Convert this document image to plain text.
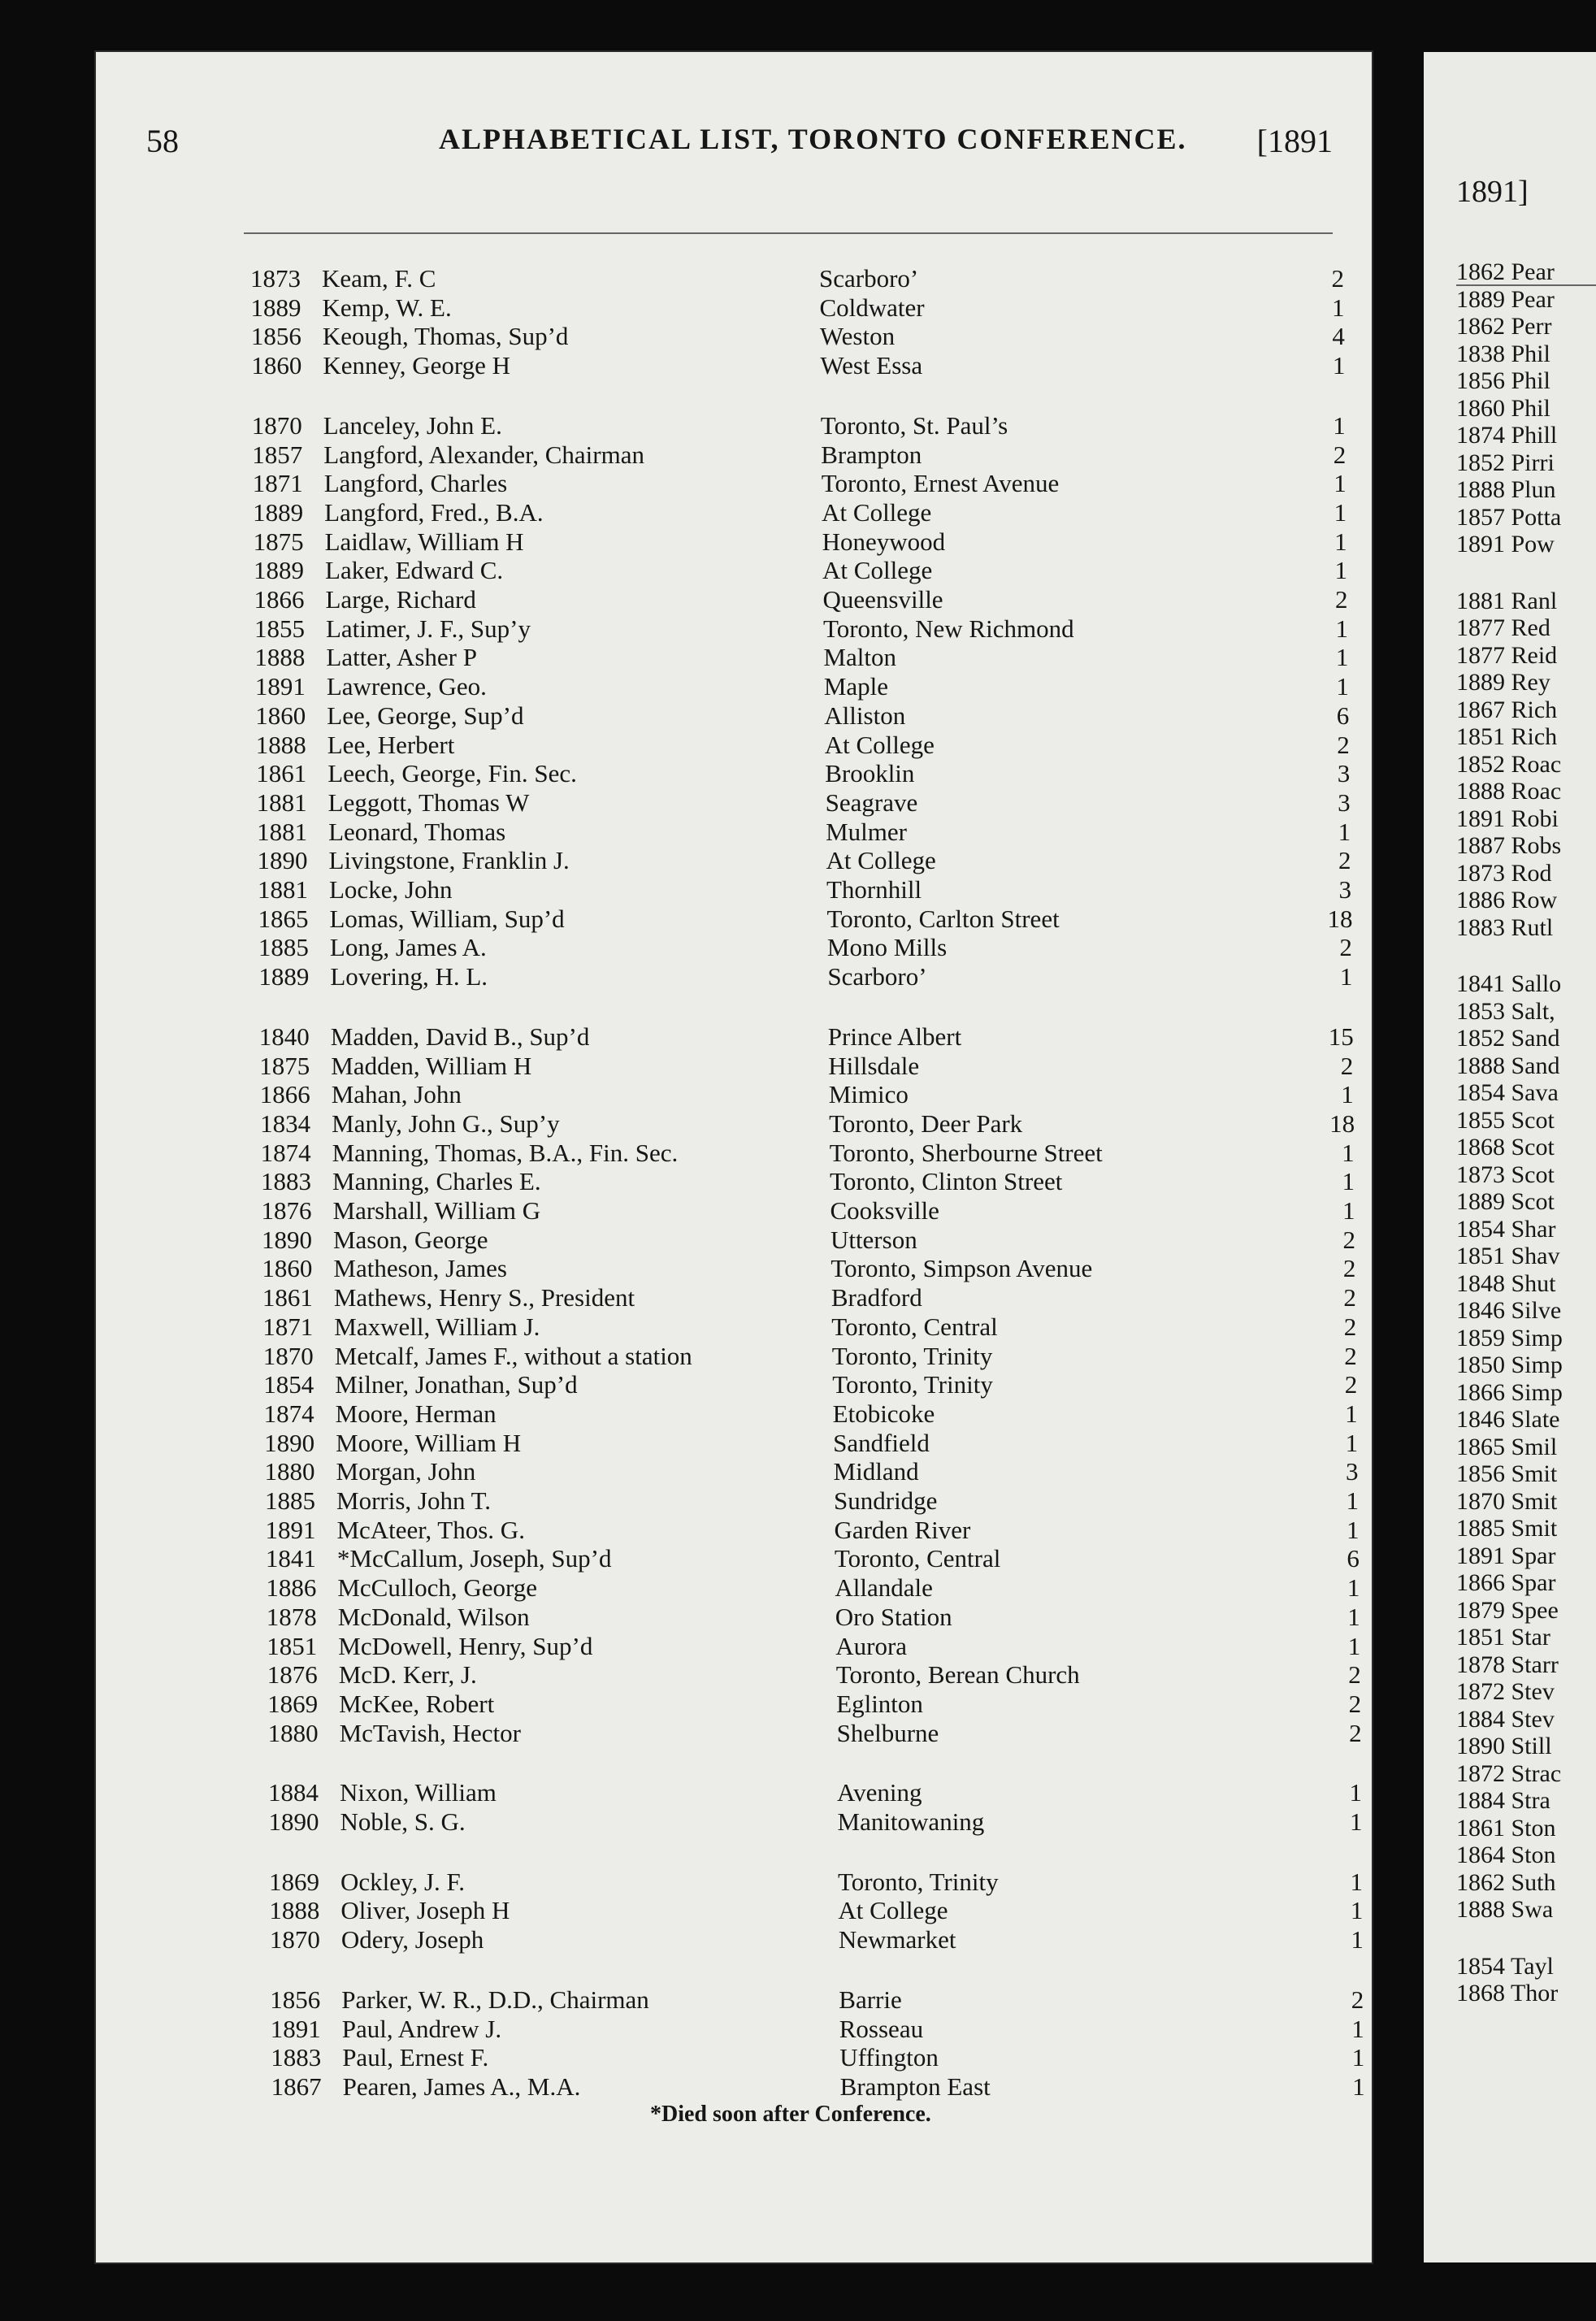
1891]
1862 Pear
1889 Pear
1862 Perr
1838 Phil
1856 Phil
1860 Phil
1874 Phill
1852 Pirri
1888 Plun
1857 Potta
1891 Pow
1881 Ranl
1877 Red
1877 Reid
1889 Rey
1867 Rich
1851 Rich
1852 Roac
1888 Roac
1891 Robi
1887 Robs
1873 Rod
1886 Row
1883 Rutl
1841 Sallo
1853 Salt,
1852 Sand
1888 Sand
1854 Sava
1855 Scot
1868 Scot
1873 Scot
1889 Scot
1854 Shar
1851 Shav
1848 Shut
1846 Silve
1859 Simp
1850 Simp
1866 Simp
1846 Slate
1865 Smil
1856 Smit
1870 Smit
1885 Smit
1891 Spar
1866 Spar
1879 Spee
1851 Star
1878 Starr
1872 Stev
1884 Stev
1890 Still
1872 Strac
1884 Stra
1861 Ston
1864 Ston
1862 Suth
1888 Swa
1854 Tayl
1868 Thor
58	ALPHABETICAL LIST, TORONTO CONFERENCE. [1891
1873 Keam, F. C	Scarboro’	2
1889 Kemp, W. E.	Coldwater	1
1856 Keough, Thomas, Sup’d	Weston	4
1860 Kenney, George H	West Essa	1
1870 Lanceley, John E.	Toronto, St. Paul’s	1
1857 Langford, Alexander, Chairman	Brampton	2
1871 Langford, Charles	Toronto, Ernest Avenue	1
1889 Langford, Fred., B.A.	At College	1
1875 Laidlaw, William H	Honeywood	1
1889 Laker, Edward C.	At College	1
1866 Large, Richard	Queensville	2
1855 Latimer, J. F., Sup’y	Toronto, New Richmond	1
1888 Latter, Asher P	Malton	1
1891 Lawrence, Geo.	Maple	1
1860 Lee, George, Sup’d	Alliston	6
1888 Lee, Herbert	At College	2
1861 Leech, George, Fin. Sec.	Brooklin	3
1881 Leggott, Thomas W	Seagrave	3
1881 Leonard, Thomas	Mulmer	1
1890 Livingstone, Franklin J.	At College	2
1881 Locke, John	Thornhill	3
1865 Lomas, William, Sup’d	Toronto, Carlton Street	18
1885 Long, James A.	Mono Mills	2
1889 Lovering, H. L.	Scarboro’	1
1840 Madden, David B., Sup’d	Prince Albert	15
1875 Madden, William H	Hillsdale	2
1866 Mahan, John	Mimico	1
1834 Manly, John G., Sup’y	Toronto, Deer Park	18
1874 Manning, Thomas, B.A., Fin. Sec.	Toronto, Sherbourne Street	1
1883 Manning, Charles E.	Toronto, Clinton Street	1
1876 Marshall, William G	Cooksville	1
1890 Mason, George	Utterson	2
1860 Matheson, James	Toronto, Simpson Avenue	2
1861 Mathews, Henry S., President	Bradford	2
1871 Maxwell, William J.	Toronto, Central	2
1870 Metcalf, James F., without a station	Toronto, Trinity	2
1854 Milner, Jonathan, Sup’d	Toronto, Trinity	2
1874 Moore, Herman	Etobicoke	1
1890 Moore, William H	Sandfield	1
1880 Morgan, John	Midland	3
1885 Morris, John T.	Sundridge	1
1891 McAteer, Thos. G.	Garden River	1
1841 *McCallum, Joseph, Sup’d	Toronto, Central	6
1886 McCulloch, George	Allandale	1
1878 McDonald, Wilson	Oro Station	1
1851 McDowell, Henry, Sup’d	Aurora	1
1876 McD. Kerr, J.	Toronto, Berean Church	2
1869 McKee, Robert	Eglinton	2
1880 McTavish, Hector	Shelburne	2
1884 Nixon, William	Avening	1
1890 Noble, S. G.	Manitowaning	1
1869 Ockley, J. F.	Toronto, Trinity	1
1888 Oliver, Joseph H	At College	1
1870 Odery, Joseph	Newmarket	1
1856 Parker, W. R., D.D., Chairman	Barrie	2
1891 Paul, Andrew J.	Rosseau	1
1883 Paul, Ernest F.	Uffington	1
1867 Pearen, James A., M.A.	Brampton East	1
*Died soon after Conference.
